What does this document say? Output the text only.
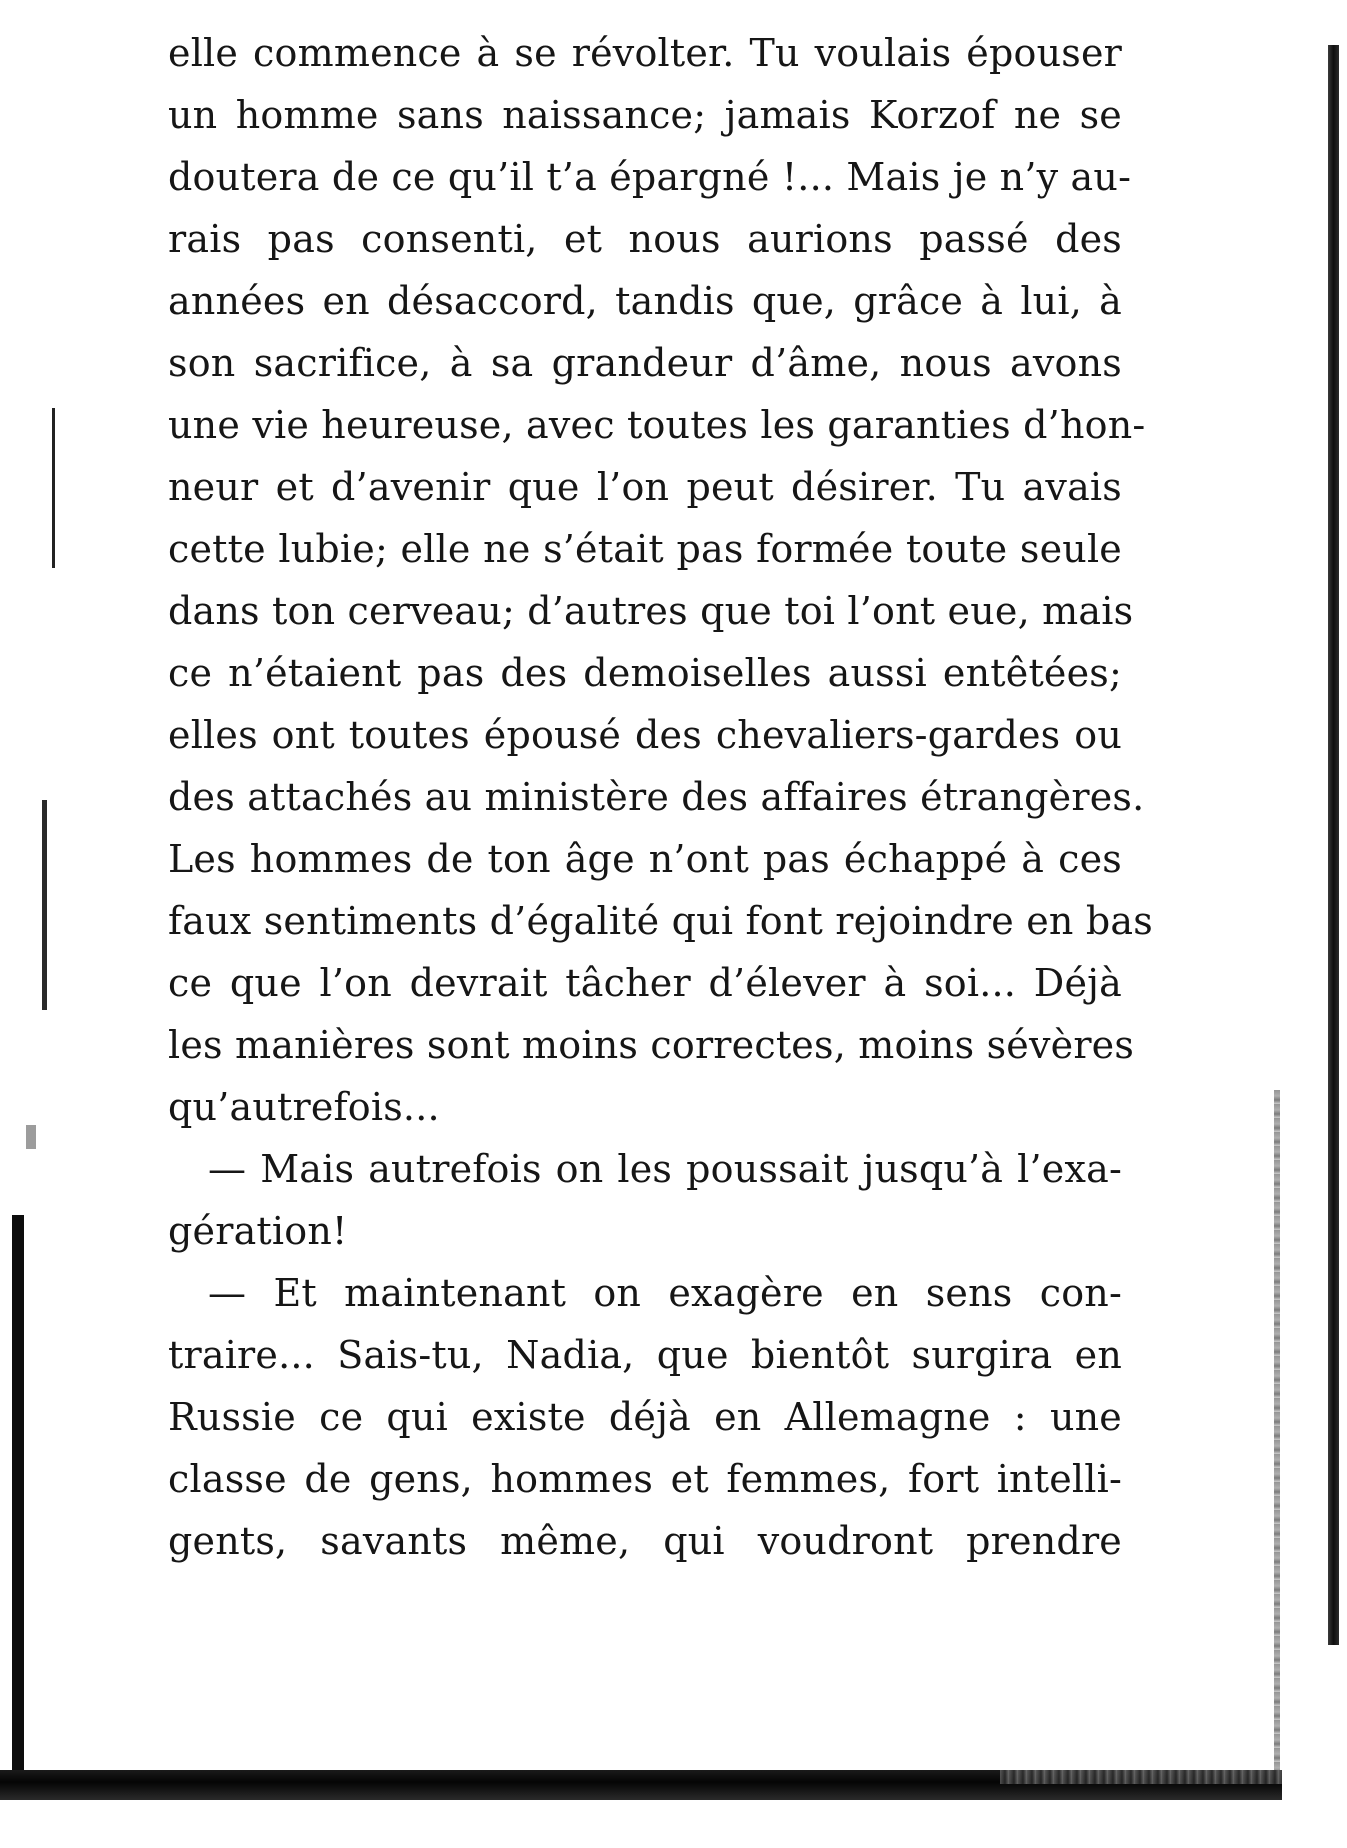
elle commence à se révolter. Tu voulais épouser
un homme sans naissance; jamais Korzof ne se
doutera de ce qu’il t’a épargné !... Mais je n’y au-
rais pas consenti, et nous aurions passé des
années en désaccord, tandis que, grâce à lui, à
son sacrifice, à sa grandeur d’âme, nous avons
une vie heureuse, avec toutes les garanties d’hon-
neur et d’avenir que l’on peut désirer. Tu avais
cette lubie; elle ne s’était pas formée toute seule
dans ton cerveau; d’autres que toi l’ont eue, mais
ce n’étaient pas des demoiselles aussi entêtées;
elles ont toutes épousé des chevaliers-gardes ou
des attachés au ministère des affaires étrangères.
Les hommes de ton âge n’ont pas échappé à ces
faux sentiments d’égalité qui font rejoindre en bas
ce que l’on devrait tâcher d’élever à soi... Déjà
les manières sont moins correctes, moins sévères
qu’autrefois...
— Mais autrefois on les poussait jusqu’à l’exa-
gération!
— Et maintenant on exagère en sens con-
traire... Sais-tu, Nadia, que bientôt surgira en
Russie ce qui existe déjà en Allemagne : une
classe de gens, hommes et femmes, fort intelli-
gents, savants même, qui voudront prendre
